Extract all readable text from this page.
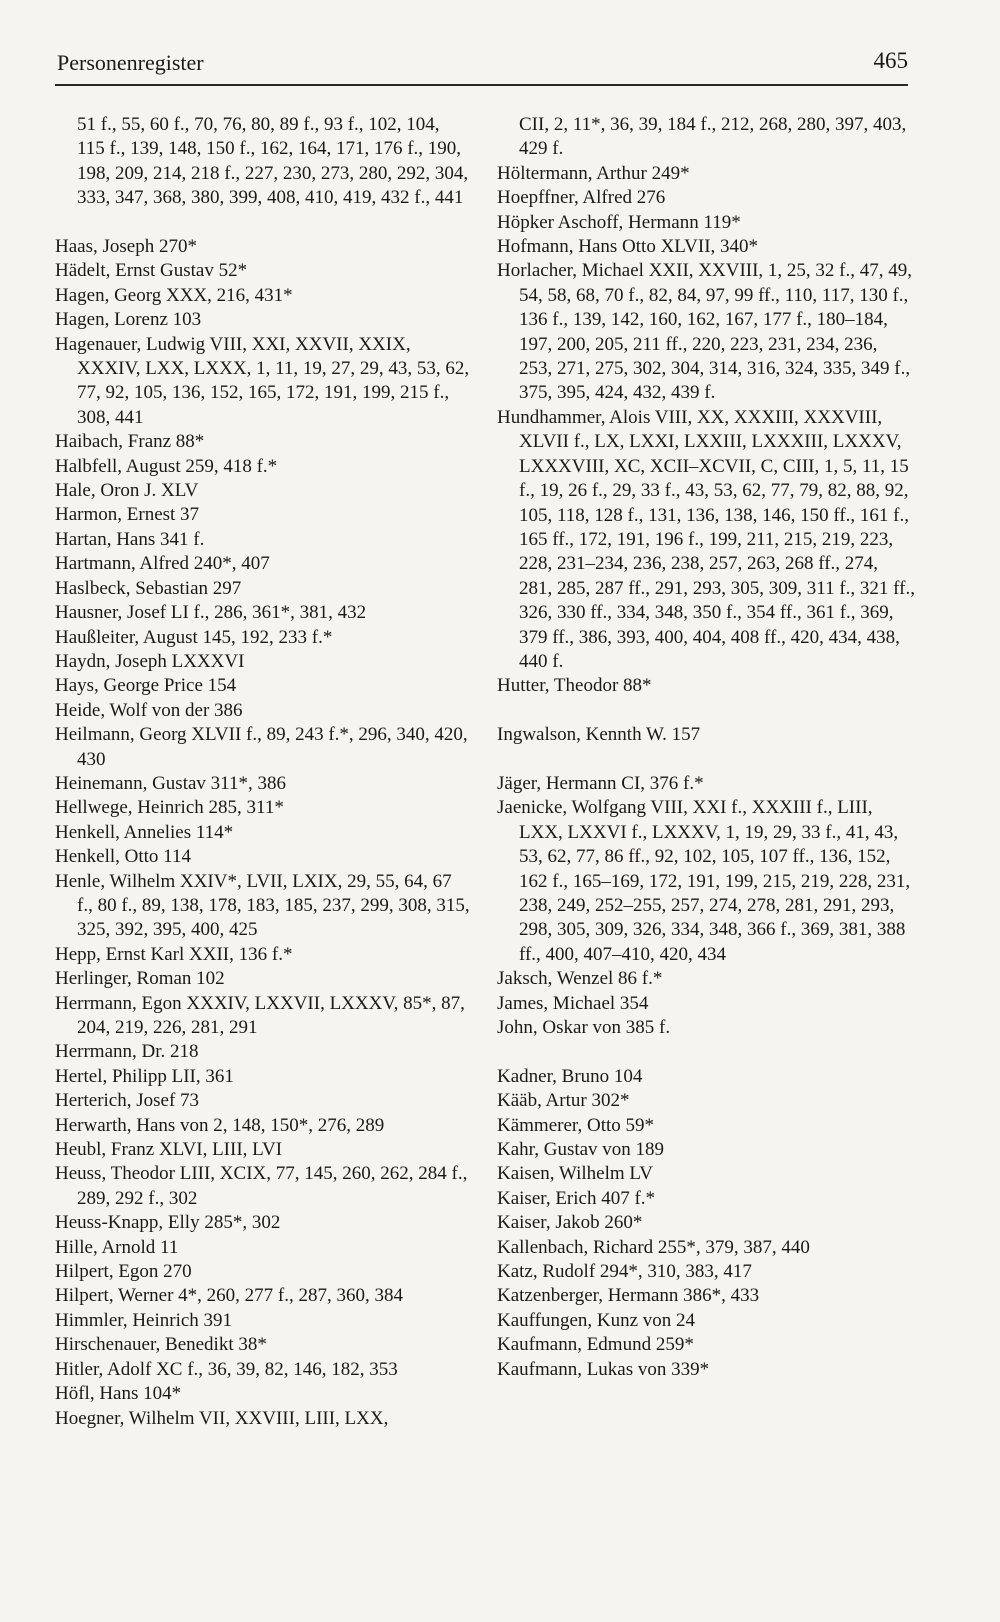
Personenregister	465
51 f., 55, 60 f., 70, 76, 80, 89 f., 93 f., 102, 104, 115 f., 139, 148, 150 f., 162, 164, 171, 176 f., 190, 198, 209, 214, 218 f., 227, 230, 273, 280, 292, 304, 333, 347, 368, 380, 399, 408, 410, 419, 432 f., 441
Haas, Joseph 270*
Hädelt, Ernst Gustav 52*
Hagen, Georg XXX, 216, 431*
Hagen, Lorenz 103
Hagenauer, Ludwig VIII, XXI, XXVII, XXIX, XXXIV, LXX, LXXX, 1, 11, 19, 27, 29, 43, 53, 62, 77, 92, 105, 136, 152, 165, 172, 191, 199, 215 f., 308, 441
Haibach, Franz 88*
Halbfell, August 259, 418 f.*
Hale, Oron J. XLV
Harmon, Ernest 37
Hartan, Hans 341 f.
Hartmann, Alfred 240*, 407
Haslbeck, Sebastian 297
Hausner, Josef LI f., 286, 361*, 381, 432
Haußleiter, August 145, 192, 233 f.*
Haydn, Joseph LXXXVI
Hays, George Price 154
Heide, Wolf von der 386
Heilmann, Georg XLVII f., 89, 243 f.*, 296, 340, 420, 430
Heinemann, Gustav 311*, 386
Hellwege, Heinrich 285, 311*
Henkell, Annelies 114*
Henkell, Otto 114
Henle, Wilhelm XXIV*, LVII, LXIX, 29, 55, 64, 67 f., 80 f., 89, 138, 178, 183, 185, 237, 299, 308, 315, 325, 392, 395, 400, 425
Hepp, Ernst Karl XXII, 136 f.*
Herlinger, Roman 102
Herrmann, Egon XXXIV, LXXVII, LXXXV, 85*, 87, 204, 219, 226, 281, 291
Herrmann, Dr. 218
Hertel, Philipp LII, 361
Herterich, Josef 73
Herwarth, Hans von 2, 148, 150*, 276, 289
Heubl, Franz XLVI, LIII, LVI
Heuss, Theodor LIII, XCIX, 77, 145, 260, 262, 284 f., 289, 292 f., 302
Heuss-Knapp, Elly 285*, 302
Hille, Arnold 11
Hilpert, Egon 270
Hilpert, Werner 4*, 260, 277 f., 287, 360, 384
Himmler, Heinrich 391
Hirschenauer, Benedikt 38*
Hitler, Adolf XC f., 36, 39, 82, 146, 182, 353
Höfl, Hans 104*
Hoegner, Wilhelm VII, XXVIII, LIII, LXX,
CII, 2, 11*, 36, 39, 184 f., 212, 268, 280, 397, 403, 429 f.
Höltermann, Arthur 249*
Hoepffner, Alfred 276
Höpker Aschoff, Hermann 119*
Hofmann, Hans Otto XLVII, 340*
Horlacher, Michael XXII, XXVIII, 1, 25, 32 f., 47, 49, 54, 58, 68, 70 f., 82, 84, 97, 99 ff., 110, 117, 130 f., 136 f., 139, 142, 160, 162, 167, 177 f., 180–184, 197, 200, 205, 211 ff., 220, 223, 231, 234, 236, 253, 271, 275, 302, 304, 314, 316, 324, 335, 349 f., 375, 395, 424, 432, 439 f.
Hundhammer, Alois VIII, XX, XXXIII, XXXVIII, XLVII f., LX, LXXI, LXXIII, LXXXIII, LXXXV, LXXXVIII, XC, XCII–XCVII, C, CIII, 1, 5, 11, 15 f., 19, 26 f., 29, 33 f., 43, 53, 62, 77, 79, 82, 88, 92, 105, 118, 128 f., 131, 136, 138, 146, 150 ff., 161 f., 165 ff., 172, 191, 196 f., 199, 211, 215, 219, 223, 228, 231–234, 236, 238, 257, 263, 268 ff., 274, 281, 285, 287 ff., 291, 293, 305, 309, 311 f., 321 ff., 326, 330 ff., 334, 348, 350 f., 354 ff., 361 f., 369, 379 ff., 386, 393, 400, 404, 408 ff., 420, 434, 438, 440 f.
Hutter, Theodor 88*
Ingwalson, Kennth W. 157
Jäger, Hermann CI, 376 f.*
Jaenicke, Wolfgang VIII, XXI f., XXXIII f., LIII, LXX, LXXVI f., LXXXV, 1, 19, 29, 33 f., 41, 43, 53, 62, 77, 86 ff., 92, 102, 105, 107 ff., 136, 152, 162 f., 165–169, 172, 191, 199, 215, 219, 228, 231, 238, 249, 252–255, 257, 274, 278, 281, 291, 293, 298, 305, 309, 326, 334, 348, 366 f., 369, 381, 388 ff., 400, 407–410, 420, 434
Jaksch, Wenzel 86 f.*
James, Michael 354
John, Oskar von 385 f.
Kadner, Bruno 104
Kääb, Artur 302*
Kämmerer, Otto 59*
Kahr, Gustav von 189
Kaisen, Wilhelm LV
Kaiser, Erich 407 f.*
Kaiser, Jakob 260*
Kallenbach, Richard 255*, 379, 387, 440
Katz, Rudolf 294*, 310, 383, 417
Katzenberger, Hermann 386*, 433
Kauffungen, Kunz von 24
Kaufmann, Edmund 259*
Kaufmann, Lukas von 339*
